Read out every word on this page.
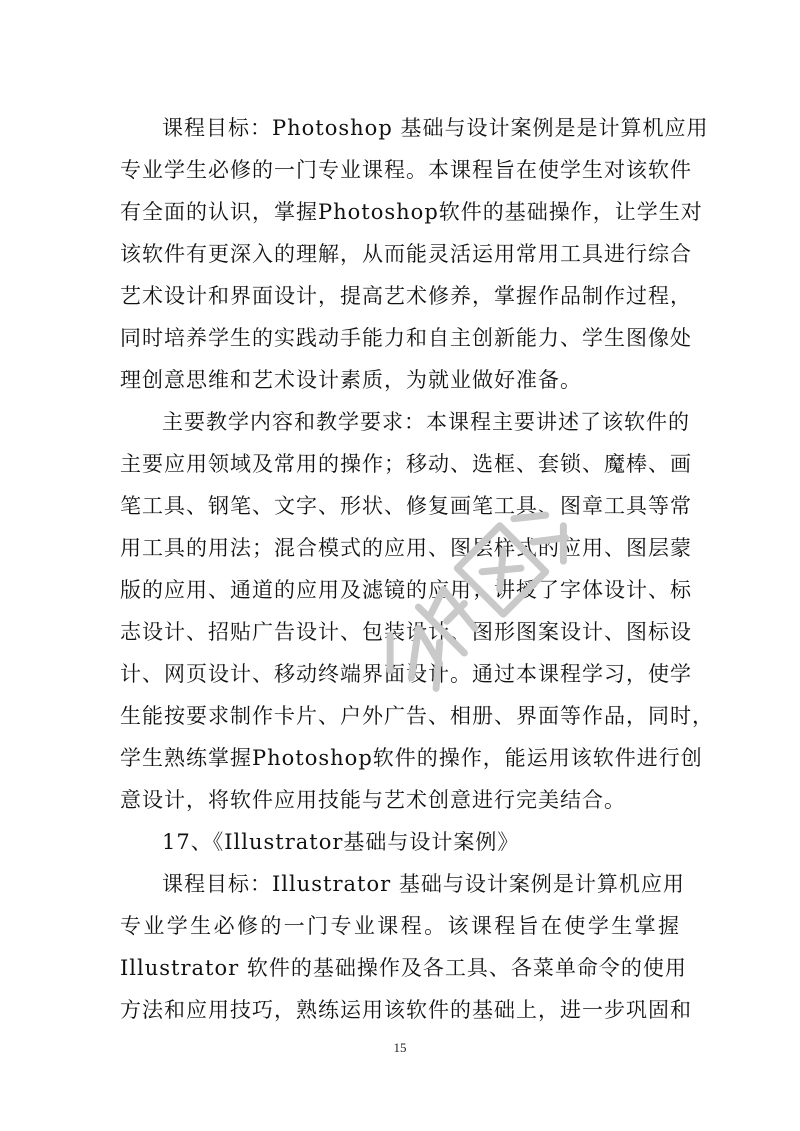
课程目标：Photoshop 基础与设计案例是是计算机应用
专业学生必修的一门专业课程。本课程旨在使学生对该软件
有全面的认识，掌握Photoshop软件的基础操作，让学生对
该软件有更深入的理解，从而能灵活运用常用工具进行综合
艺术设计和界面设计，提高艺术修养，掌握作品制作过程，
同时培养学生的实践动手能力和自主创新能力、学生图像处
理创意思维和艺术设计素质，为就业做好准备。
主要教学内容和教学要求：本课程主要讲述了该软件的
主要应用领域及常用的操作；移动、选框、套锁、魔棒、画
笔工具、钢笔、文字、形状、修复画笔工具、图章工具等常
用工具的用法；混合模式的应用、图层样式的应用、图层蒙
版的应用、通道的应用及滤镜的应用；讲授了字体设计、标
志设计、招贴广告设计、包装设计、图形图案设计、图标设
计、网页设计、移动终端界面设计。通过本课程学习，使学
生能按要求制作卡片、户外广告、相册、界面等作品，同时，
学生熟练掌握Photoshop软件的操作，能运用该软件进行创
意设计，将软件应用技能与艺术创意进行完美结合。
17、《Illustrator基础与设计案例》
课程目标：Illustrator 基础与设计案例是计算机应用
专业学生必修的一门专业课程。该课程旨在使学生掌握
Illustrator 软件的基础操作及各工具、各菜单命令的使用
方法和应用技巧，熟练运用该软件的基础上，进一步巩固和
15
